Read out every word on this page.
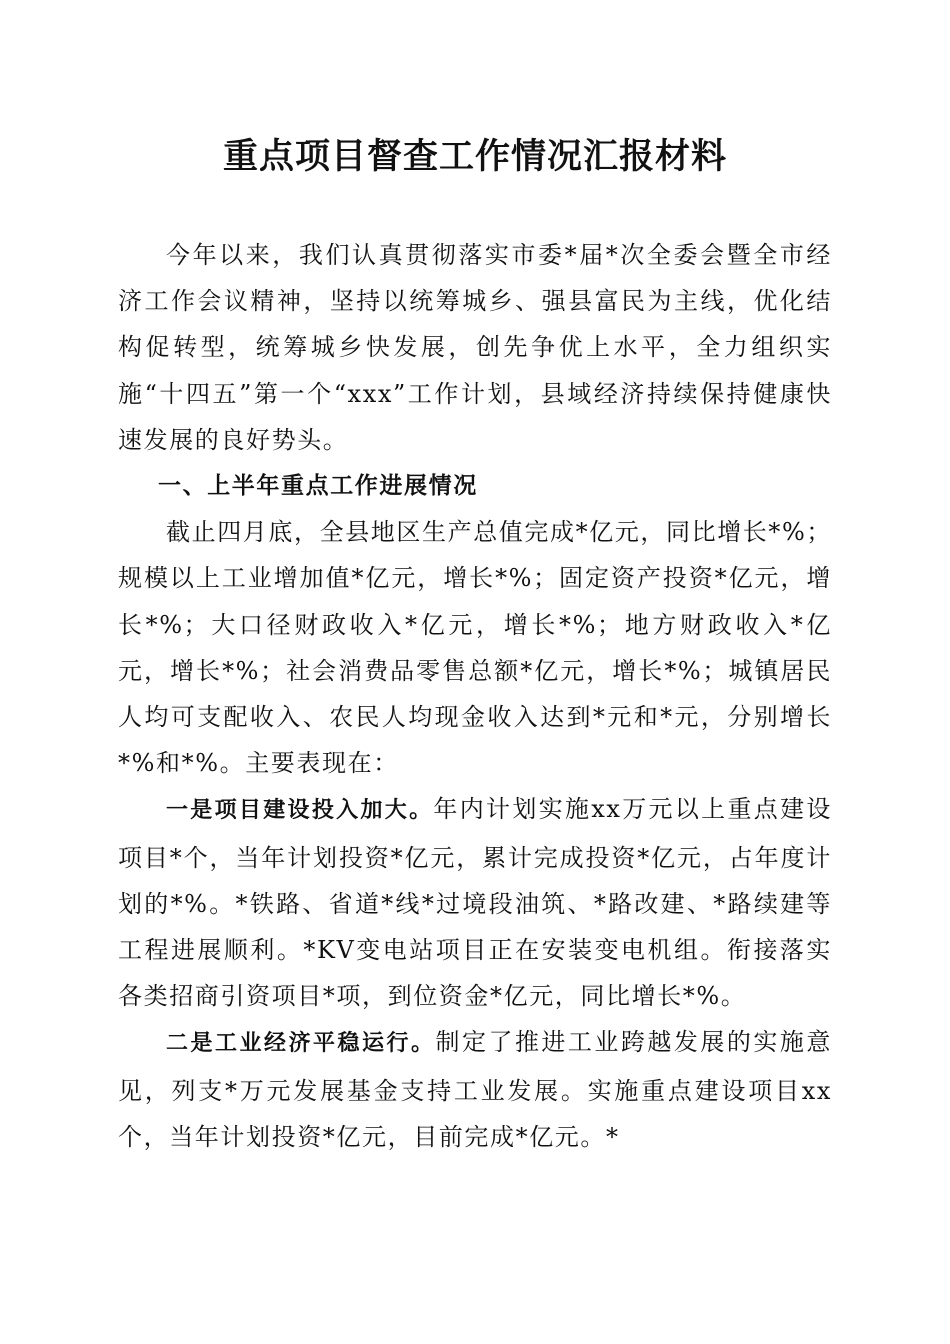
重点项目督查工作情况汇报材料

今年以来，我们认真贯彻落实市委*届*次全委会暨全市经济工作会议精神，坚持以统筹城乡、强县富民为主线，优化结构促转型，统筹城乡快发展，创先争优上水平，全力组织实施“十四五”第一个“xxx”工作计划，县域经济持续保持健康快速发展的良好势头。

一、上半年重点工作进展情况

截止四月底，全县地区生产总值完成*亿元，同比增长*%；规模以上工业增加值*亿元，增长*%；固定资产投资*亿元，增长*%；大口径财政收入*亿元，增长*%；地方财政收入*亿元，增长*%；社会消费品零售总额*亿元，增长*%；城镇居民人均可支配收入、农民人均现金收入达到*元和*元，分别增长*%和*%。主要表现在：

一是项目建设投入加大。年内计划实施xx万元以上重点建设项目*个，当年计划投资*亿元，累计完成投资*亿元，占年度计划的*%。*铁路、省道*线*过境段油筑、*路改建、*路续建等工程进展顺利。*KV变电站项目正在安装变电机组。衔接落实各类招商引资项目*项，到位资金*亿元，同比增长*%。

二是工业经济平稳运行。制定了推进工业跨越发展的实施意见，列支*万元发展基金支持工业发展。实施重点建设项目xx个，当年计划投资*亿元，目前完成*亿元。*
